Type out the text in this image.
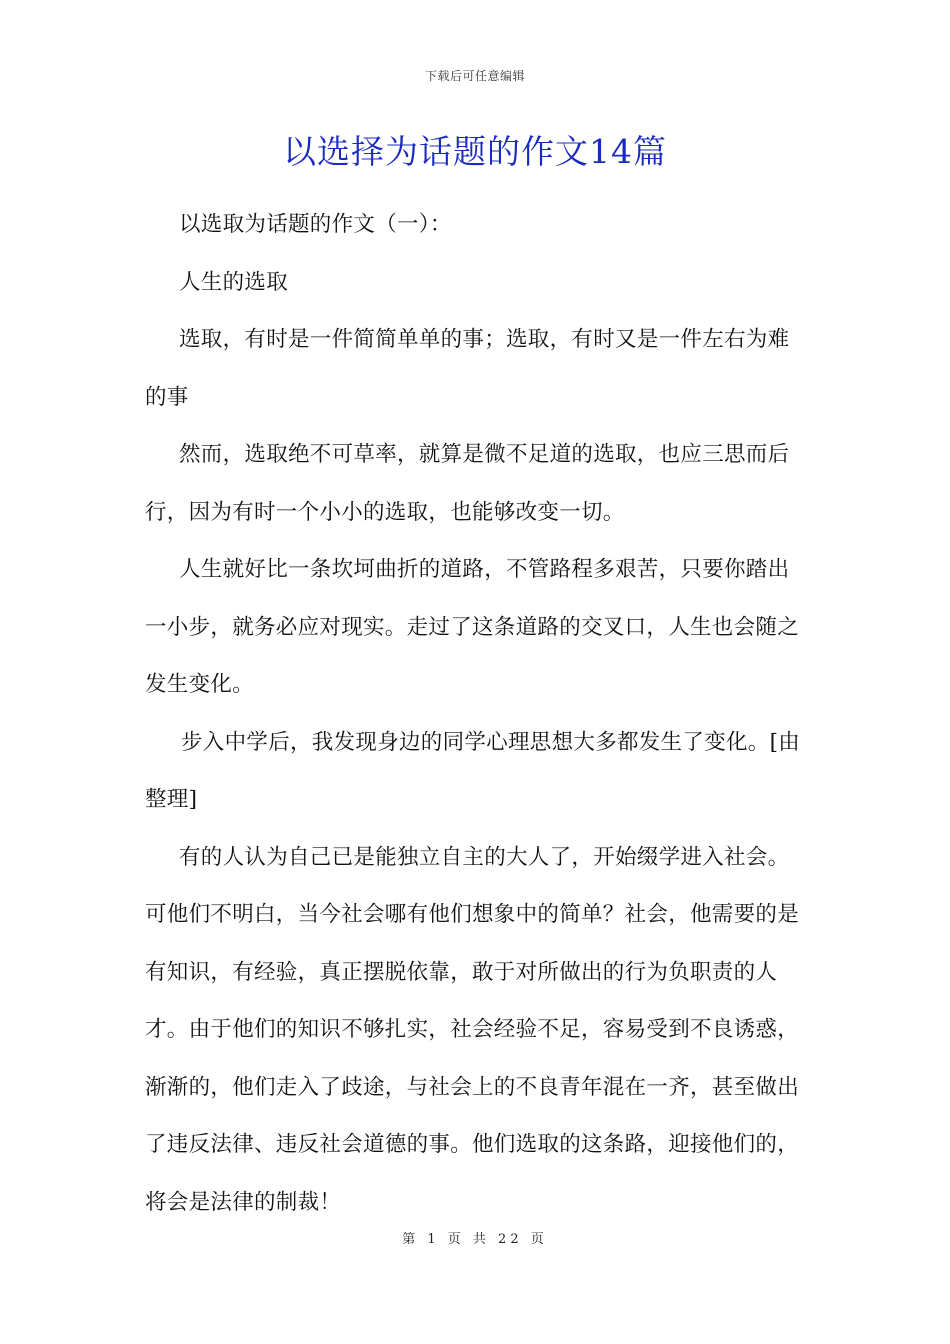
下载后可任意编辑
以选择为话题的作文14篇

以选取为话题的作文（一）：

人生的选取

选取，有时是一件简简单单的事；选取，有时又是一件左右为难的事

然而，选取绝不可草率，就算是微不足道的选取，也应三思而后行，因为有时一个小小的选取，也能够改变一切。

人生就好比一条坎坷曲折的道路，不管路程多艰苦，只要你踏出一小步，就务必应对现实。走过了这条道路的交叉口，人生也会随之发生变化。

步入中学后，我发现身边的同学心理思想大多都发生了变化。[由整理]

有的人认为自己已是能独立自主的大人了，开始缀学进入社会。可他们不明白，当今社会哪有他们想象中的简单？社会，他需要的是有知识，有经验，真正摆脱依靠，敢于对所做出的行为负职责的人才。由于他们的知识不够扎实，社会经验不足，容易受到不良诱惑，渐渐的，他们走入了歧途，与社会上的不良青年混在一齐，甚至做出了违反法律、违反社会道德的事。他们选取的这条路，迎接他们的，将会是法律的制裁！

第 1 页 共 22 页
